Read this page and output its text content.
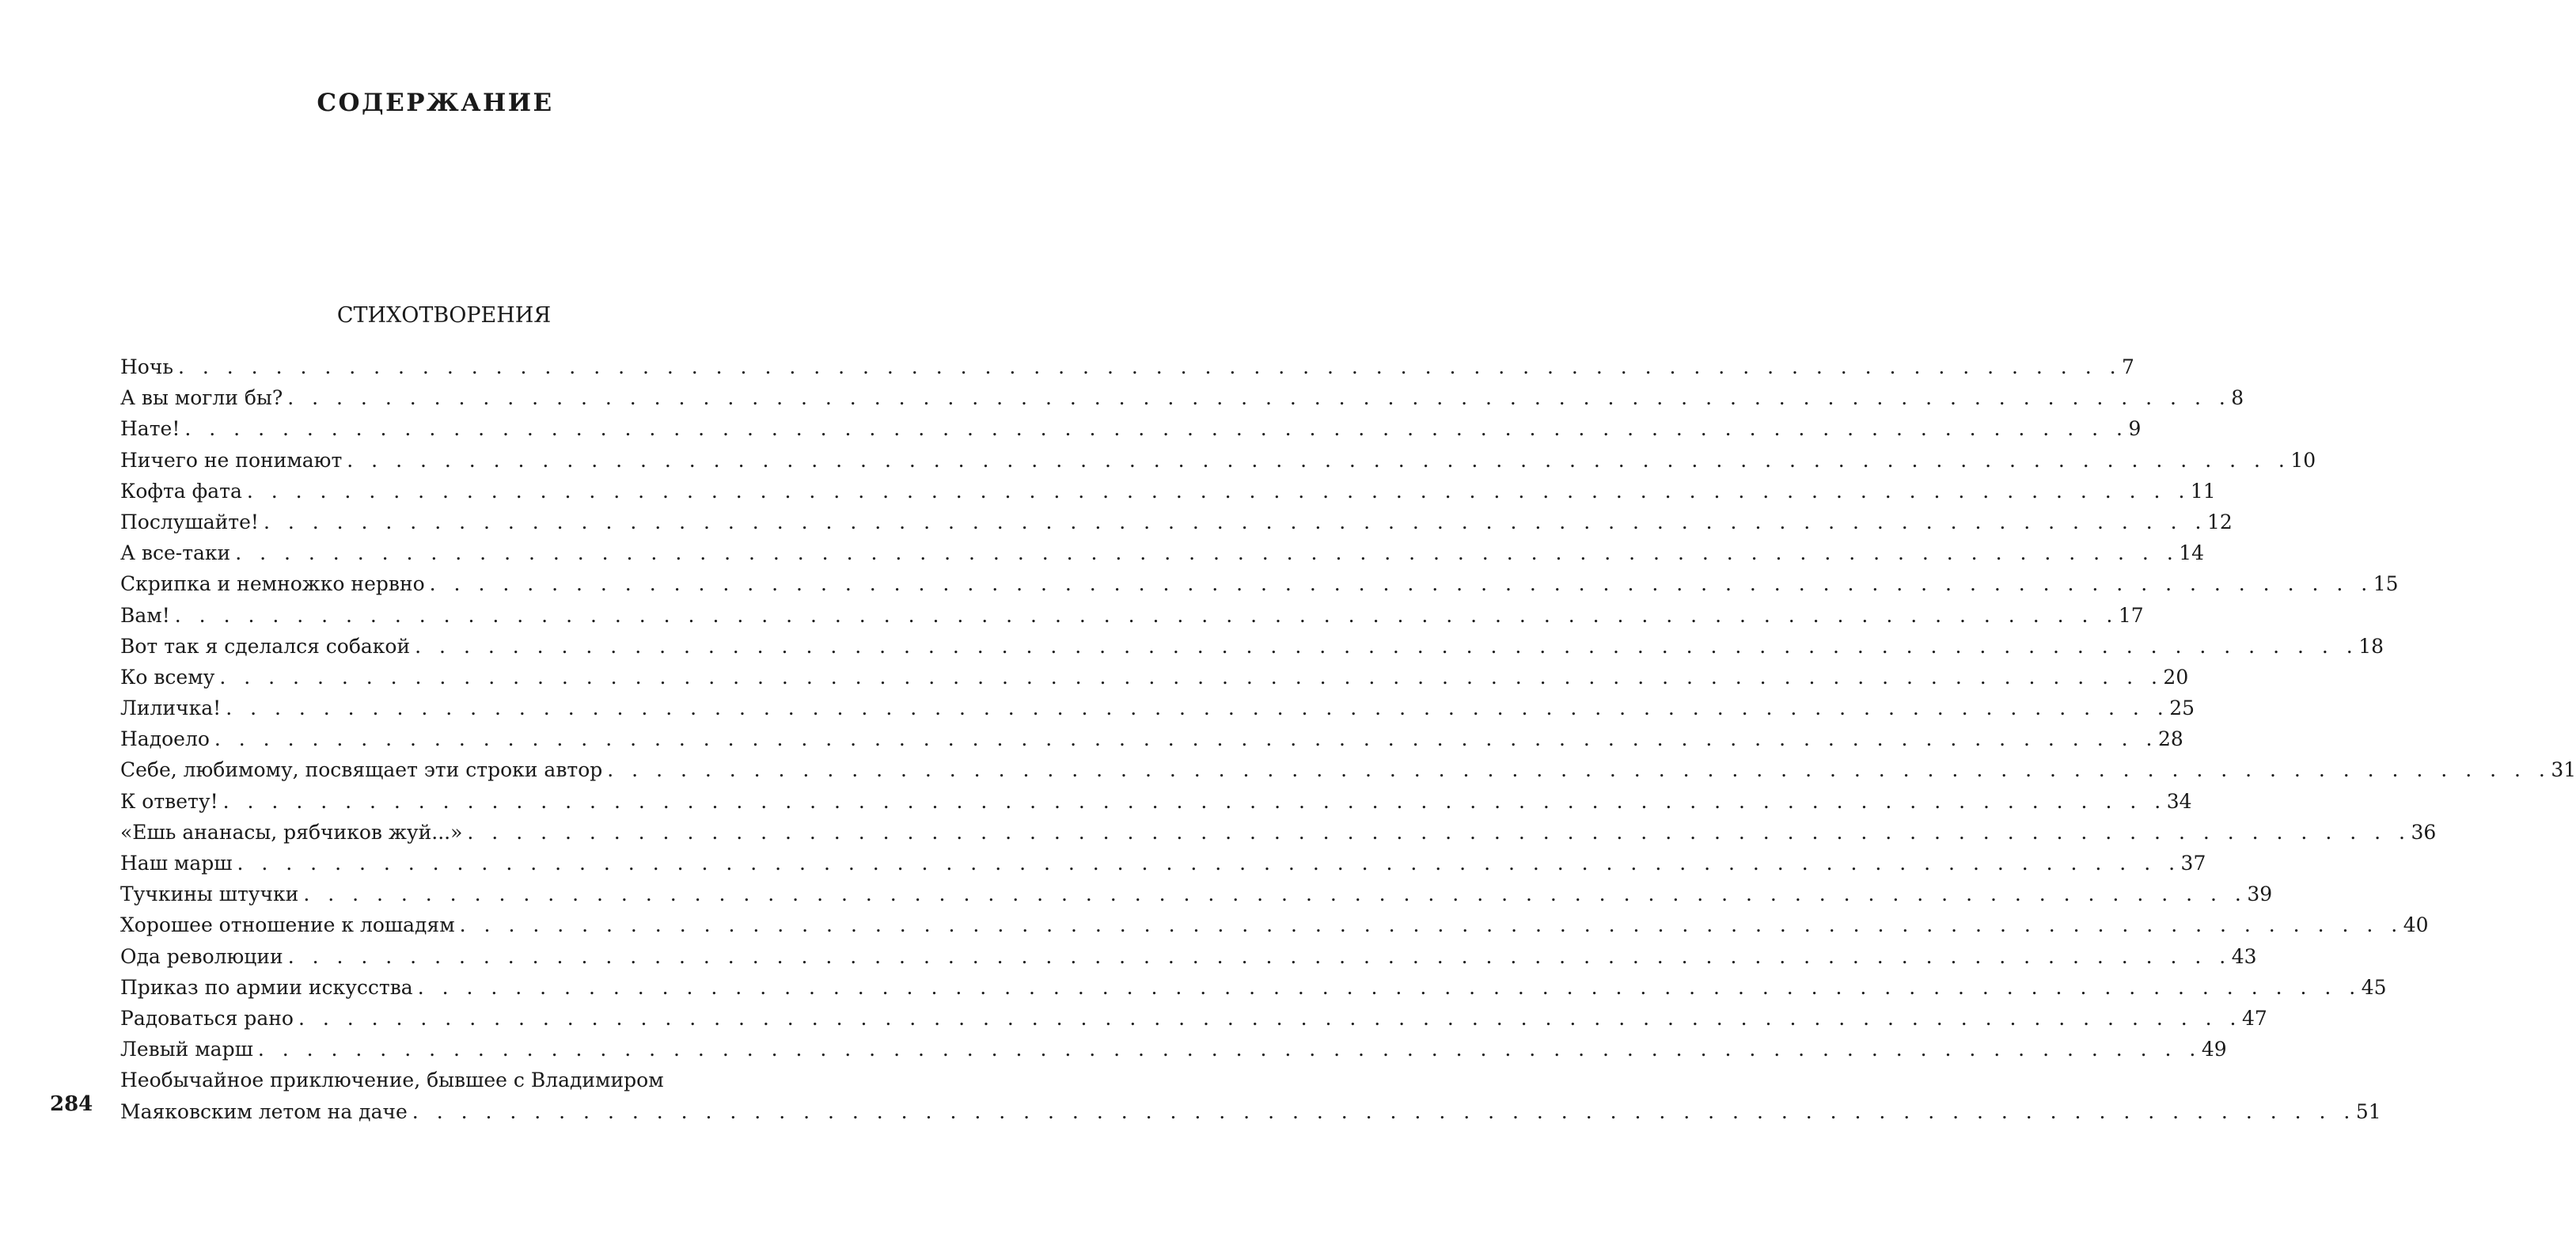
СОДЕРЖАНИЕ
СТИХОТВОРЕНИЯ
Ночь . . . . . . . . . . . . . . . . . . . . . . . . . . . . . . . . . . . . . . . . . . . . . . . . . . . . . . . . . . . . . . . . . . . . . . . . . . . . . . . . 7
А вы могли бы? . . . . . . . . . . . . . . . . . . . . . . . . . . . . . . . . . . . . . . . . . . . . . . . . . . . . . . . . . . . . . . . . . . . . . . . . . . . . . . . . 8
Нате! . . . . . . . . . . . . . . . . . . . . . . . . . . . . . . . . . . . . . . . . . . . . . . . . . . . . . . . . . . . . . . . . . . . . . . . . . . . . . . . . 9
Ничего не понимают . . . . . . . . . . . . . . . . . . . . . . . . . . . . . . . . . . . . . . . . . . . . . . . . . . . . . . . . . . . . . . . . . . . . . . . . . . . . . . . . 10
Кофта фата . . . . . . . . . . . . . . . . . . . . . . . . . . . . . . . . . . . . . . . . . . . . . . . . . . . . . . . . . . . . . . . . . . . . . . . . . . . . . . . . 11
Послушайте! . . . . . . . . . . . . . . . . . . . . . . . . . . . . . . . . . . . . . . . . . . . . . . . . . . . . . . . . . . . . . . . . . . . . . . . . . . . . . . . . 12
А все-таки . . . . . . . . . . . . . . . . . . . . . . . . . . . . . . . . . . . . . . . . . . . . . . . . . . . . . . . . . . . . . . . . . . . . . . . . . . . . . . . . 14
Скрипка и немножко нервно . . . . . . . . . . . . . . . . . . . . . . . . . . . . . . . . . . . . . . . . . . . . . . . . . . . . . . . . . . . . . . . . . . . . . . . . . . . . . . . . 15
Вам! . . . . . . . . . . . . . . . . . . . . . . . . . . . . . . . . . . . . . . . . . . . . . . . . . . . . . . . . . . . . . . . . . . . . . . . . . . . . . . . . 17
Вот так я сделался собакой . . . . . . . . . . . . . . . . . . . . . . . . . . . . . . . . . . . . . . . . . . . . . . . . . . . . . . . . . . . . . . . . . . . . . . . . . . . . . . . . 18
Ко всему . . . . . . . . . . . . . . . . . . . . . . . . . . . . . . . . . . . . . . . . . . . . . . . . . . . . . . . . . . . . . . . . . . . . . . . . . . . . . . . . 20
Лиличка! . . . . . . . . . . . . . . . . . . . . . . . . . . . . . . . . . . . . . . . . . . . . . . . . . . . . . . . . . . . . . . . . . . . . . . . . . . . . . . . . 25
Надоело . . . . . . . . . . . . . . . . . . . . . . . . . . . . . . . . . . . . . . . . . . . . . . . . . . . . . . . . . . . . . . . . . . . . . . . . . . . . . . . . 28
Себе, любимому, посвящает эти строки автор . . . . . . . . . . . . . . . . . . . . . . . . . . . . . . . . . . . . . . . . . . . . . . . . . . . . . . . . . . . . . . . . . . . . . . . . . . . . . . . . 31
К ответу! . . . . . . . . . . . . . . . . . . . . . . . . . . . . . . . . . . . . . . . . . . . . . . . . . . . . . . . . . . . . . . . . . . . . . . . . . . . . . . . . 34
«Ешь ананасы, рябчиков жуй...» . . . . . . . . . . . . . . . . . . . . . . . . . . . . . . . . . . . . . . . . . . . . . . . . . . . . . . . . . . . . . . . . . . . . . . . . . . . . . . . . 36
Наш марш . . . . . . . . . . . . . . . . . . . . . . . . . . . . . . . . . . . . . . . . . . . . . . . . . . . . . . . . . . . . . . . . . . . . . . . . . . . . . . . . 37
Тучкины штучки . . . . . . . . . . . . . . . . . . . . . . . . . . . . . . . . . . . . . . . . . . . . . . . . . . . . . . . . . . . . . . . . . . . . . . . . . . . . . . . . 39
Хорошее отношение к лошадям . . . . . . . . . . . . . . . . . . . . . . . . . . . . . . . . . . . . . . . . . . . . . . . . . . . . . . . . . . . . . . . . . . . . . . . . . . . . . . . . 40
Ода революции . . . . . . . . . . . . . . . . . . . . . . . . . . . . . . . . . . . . . . . . . . . . . . . . . . . . . . . . . . . . . . . . . . . . . . . . . . . . . . . . 43
Приказ по армии искусства . . . . . . . . . . . . . . . . . . . . . . . . . . . . . . . . . . . . . . . . . . . . . . . . . . . . . . . . . . . . . . . . . . . . . . . . . . . . . . . . 45
Радоваться рано . . . . . . . . . . . . . . . . . . . . . . . . . . . . . . . . . . . . . . . . . . . . . . . . . . . . . . . . . . . . . . . . . . . . . . . . . . . . . . . . 47
Левый марш . . . . . . . . . . . . . . . . . . . . . . . . . . . . . . . . . . . . . . . . . . . . . . . . . . . . . . . . . . . . . . . . . . . . . . . . . . . . . . . . 49
Необычайное приключение, бывшее с Владимиром
Маяковским летом на даче . . . . . . . . . . . . . . . . . . . . . . . . . . . . . . . . . . . . . . . . . . . . . . . . . . . . . . . . . . . . . . . . . . . . . . . . . . . . . . . . 51
284
